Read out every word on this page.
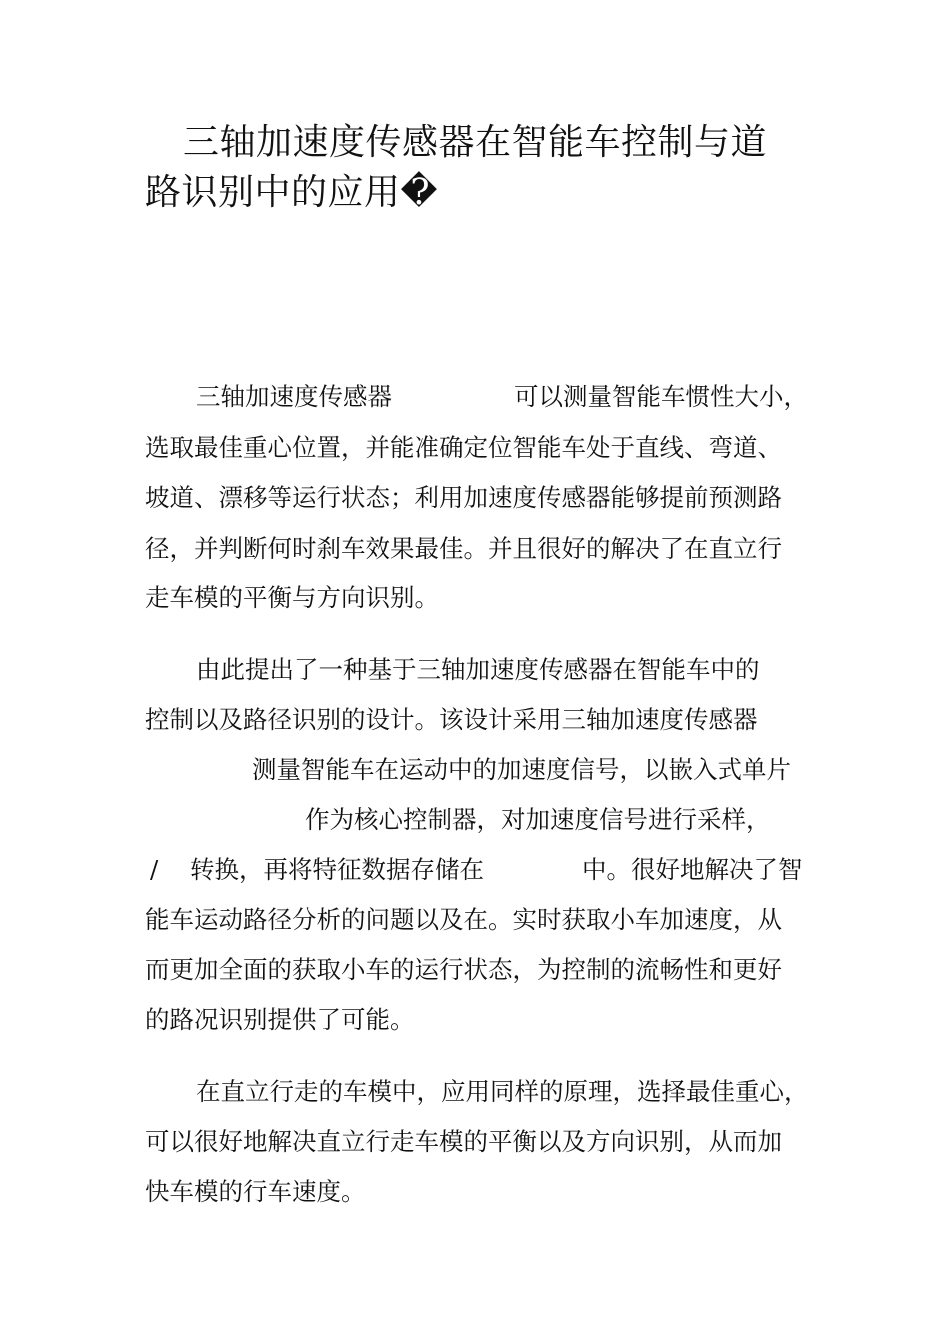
三轴加速度传感器在智能车控制与道
路识别中的应用�

三轴加速度传感器	可以测量智能车惯性大小，

选取最佳重心位置，并能准确定位智能车处于直线、弯道、

坡道、漂移等运行状态；利用加速度传感器能够提前预测路

径，并判断何时刹车效果最佳。并且很好的解决了在直立行

走车模的平衡与方向识别。

由此提出了一种基于三轴加速度传感器在智能车中的

控制以及路径识别的设计。该设计采用三轴加速度传感器

测量智能车在运动中的加速度信号，以嵌入式单片

作为核心控制器，对加速度信号进行采样，

/ 转换，再将特征数据存储在	中。很好地解决了智

能车运动路径分析的问题以及在。实时获取小车加速度，从

而更加全面的获取小车的运行状态，为控制的流畅性和更好

的路况识别提供了可能。

在直立行走的车模中，应用同样的原理，选择最佳重心，

可以很好地解决直立行走车模的平衡以及方向识别，从而加

快车模的行车速度。
